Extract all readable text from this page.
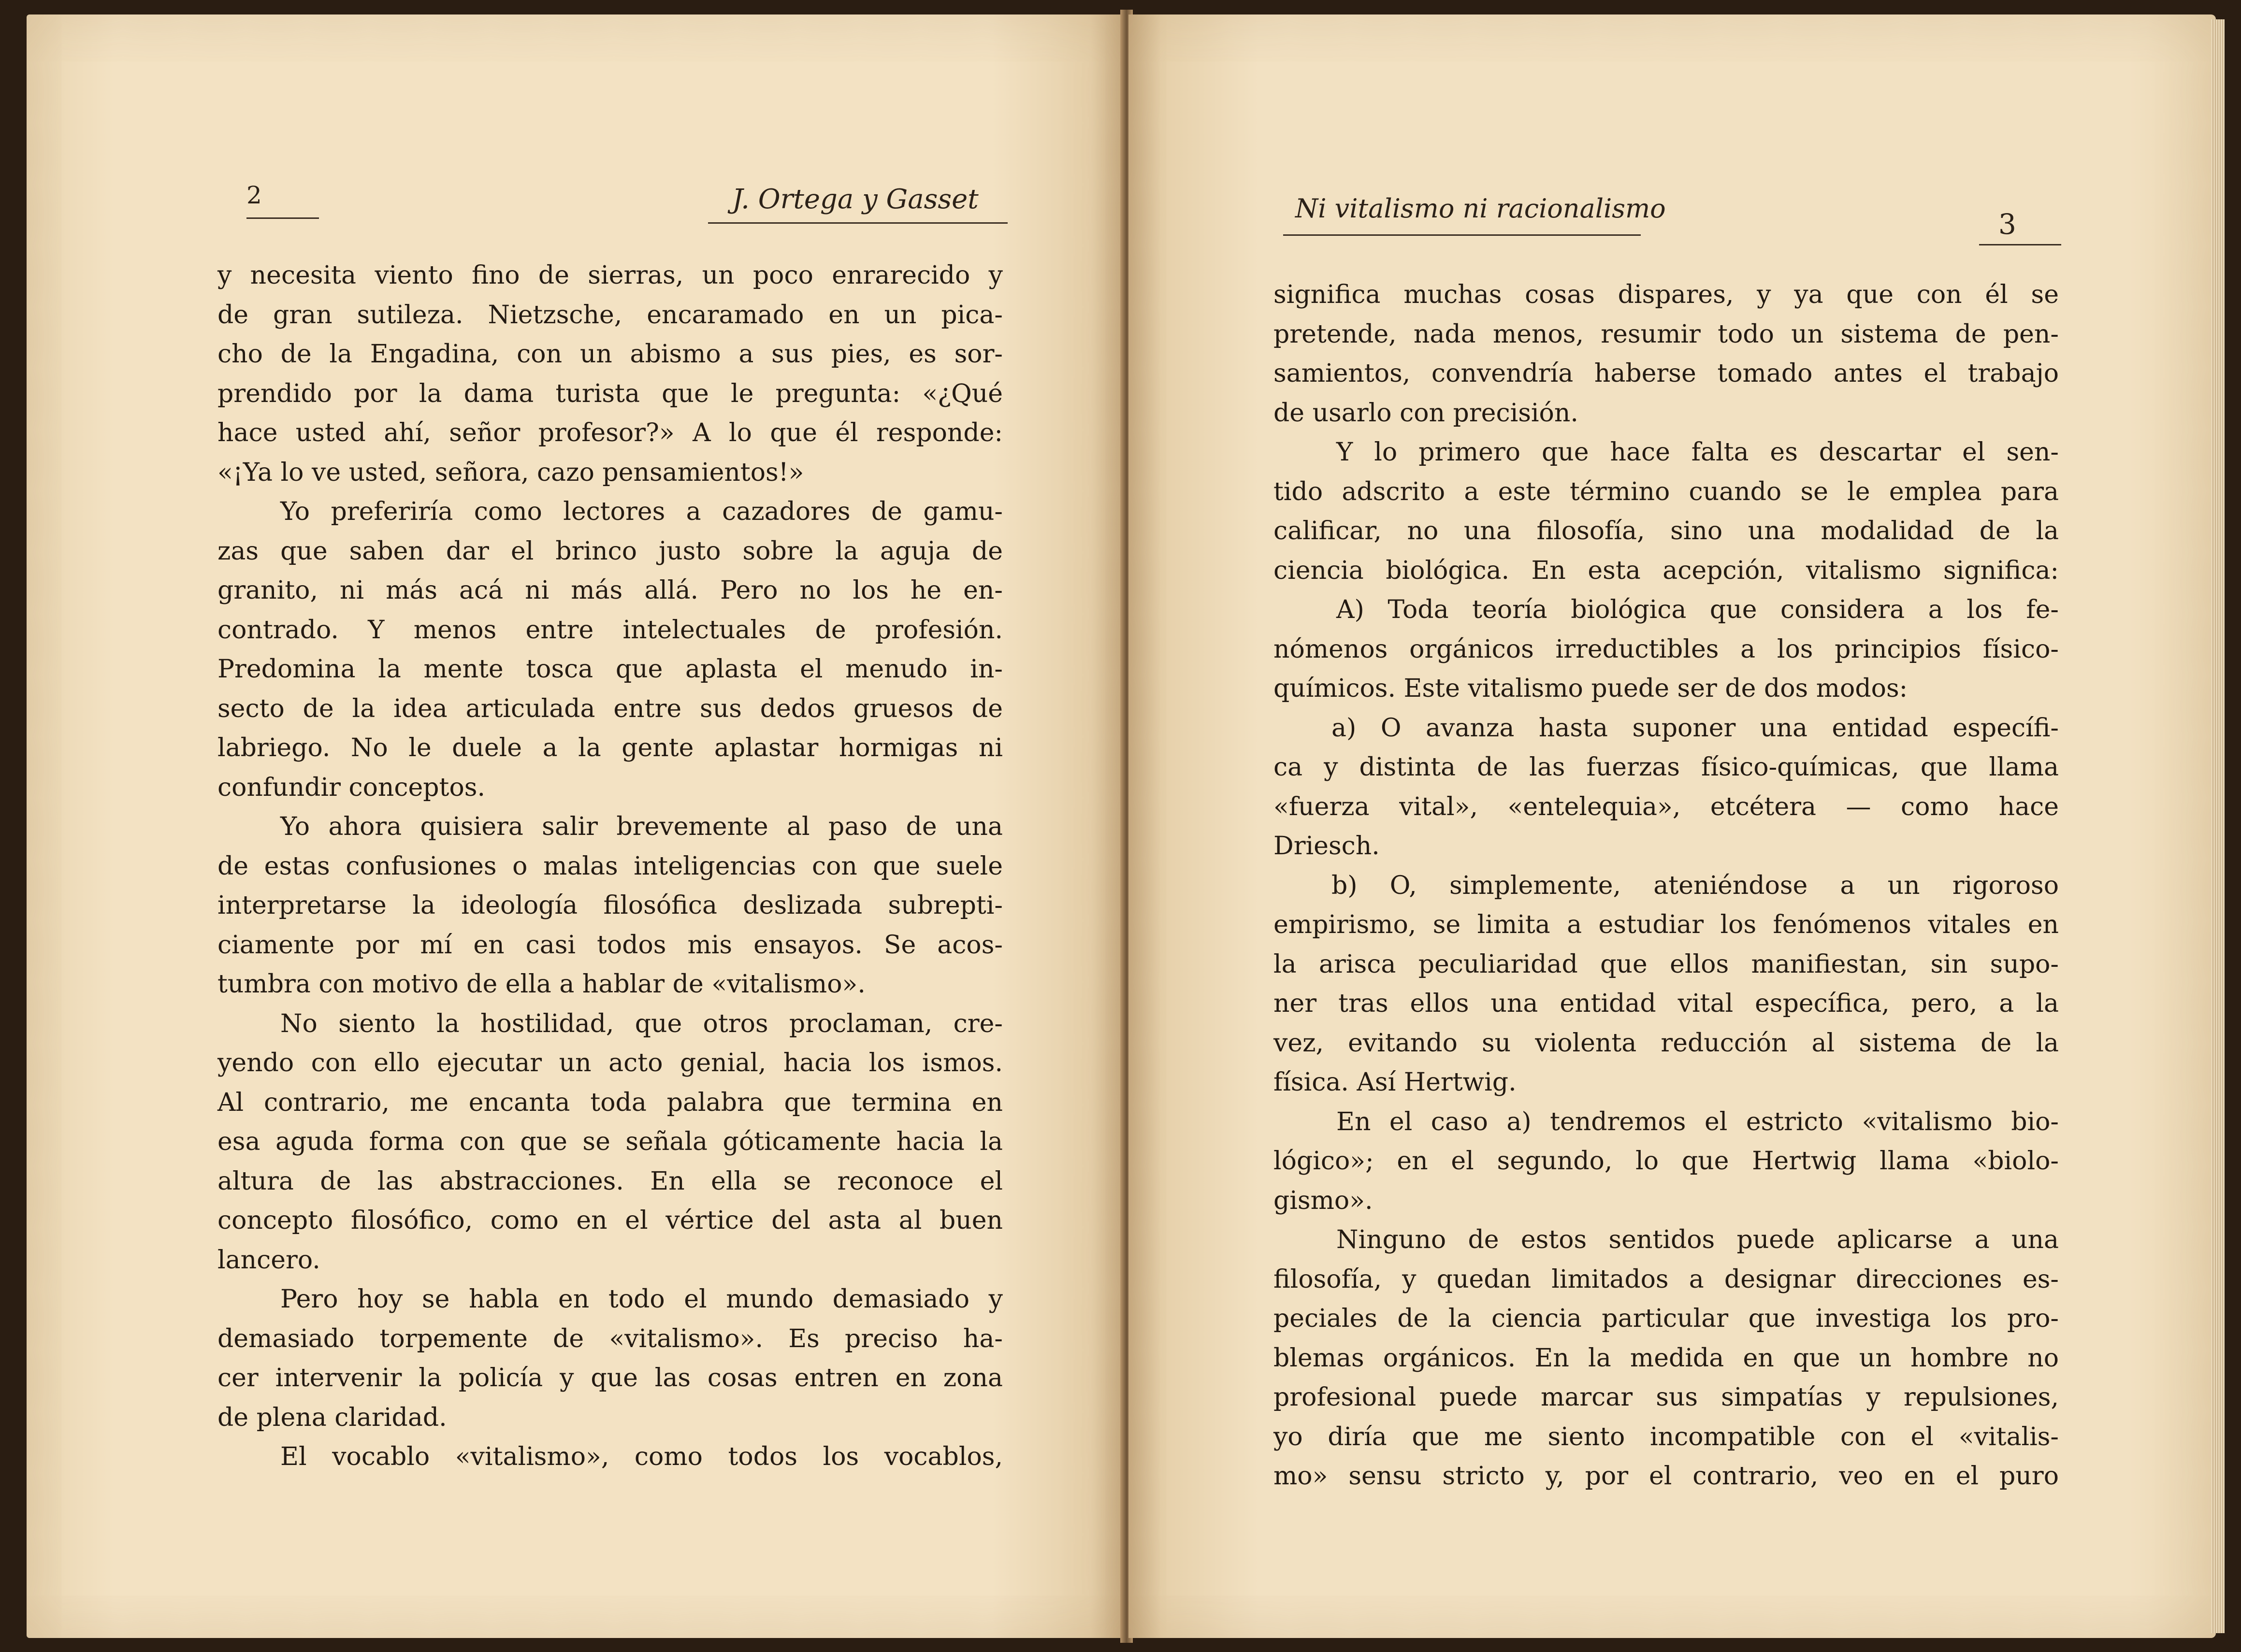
2	J. Ortega y Gasset
y necesita viento fino de sierras, un poco enrarecido y
de gran sutileza. Nietzsche, encaramado en un pica-
cho de la Engadina, con un abismo a sus pies, es sor-
prendido por la dama turista que le pregunta: «¿Qué
hace usted ahí, señor profesor?» A lo que él responde:
«¡Ya lo ve usted, señora, cazo pensamientos!»
Yo preferiría como lectores a cazadores de gamu-
zas que saben dar el brinco justo sobre la aguja de
granito, ni más acá ni más allá. Pero no los he en-
contrado. Y menos entre intelectuales de profesión.
Predomina la mente tosca que aplasta el menudo in-
secto de la idea articulada entre sus dedos gruesos de
labriego. No le duele a la gente aplastar hormigas ni
confundir conceptos.
Yo ahora quisiera salir brevemente al paso de una
de estas confusiones o malas inteligencias con que suele
interpretarse la ideología filosófica deslizada subrepti-
ciamente por mí en casi todos mis ensayos. Se acos-
tumbra con motivo de ella a hablar de «vitalismo».
No siento la hostilidad, que otros proclaman, cre-
yendo con ello ejecutar un acto genial, hacia los ismos.
Al contrario, me encanta toda palabra que termina en
esa aguda forma con que se señala góticamente hacia la
altura de las abstracciones. En ella se reconoce el
concepto filosófico, como en el vértice del asta al buen
lancero.
Pero hoy se habla en todo el mundo demasiado y
demasiado torpemente de «vitalismo». Es preciso ha-
cer intervenir la policía y que las cosas entren en zona
de plena claridad.
El vocablo «vitalismo», como todos los vocablos,
Ni vitalismo ni racionalismo	3
significa muchas cosas dispares, y ya que con él se
pretende, nada menos, resumir todo un sistema de pen-
samientos, convendría haberse tomado antes el trabajo
de usarlo con precisión.
Y lo primero que hace falta es descartar el sen-
tido adscrito a este término cuando se le emplea para
calificar, no una filosofía, sino una modalidad de la
ciencia biológica. En esta acepción, vitalismo significa:
A) Toda teoría biológica que considera a los fe-
nómenos orgánicos irreductibles a los principios físico-
químicos. Este vitalismo puede ser de dos modos:
a) O avanza hasta suponer una entidad específi-
ca y distinta de las fuerzas físico-químicas, que llama
«fuerza vital», «entelequia», etcétera — como hace
Driesch.
b) O, simplemente, ateniéndose a un rigoroso
empirismo, se limita a estudiar los fenómenos vitales en
la arisca peculiaridad que ellos manifiestan, sin supo-
ner tras ellos una entidad vital específica, pero, a la
vez, evitando su violenta reducción al sistema de la
física. Así Hertwig.
En el caso a) tendremos el estricto «vitalismo bio-
lógico»; en el segundo, lo que Hertwig llama «biolo-
gismo».
Ninguno de estos sentidos puede aplicarse a una
filosofía, y quedan limitados a designar direcciones es-
peciales de la ciencia particular que investiga los pro-
blemas orgánicos. En la medida en que un hombre no
profesional puede marcar sus simpatías y repulsiones,
yo diría que me siento incompatible con el «vitalis-
mo» sensu stricto y, por el contrario, veo en el puro
